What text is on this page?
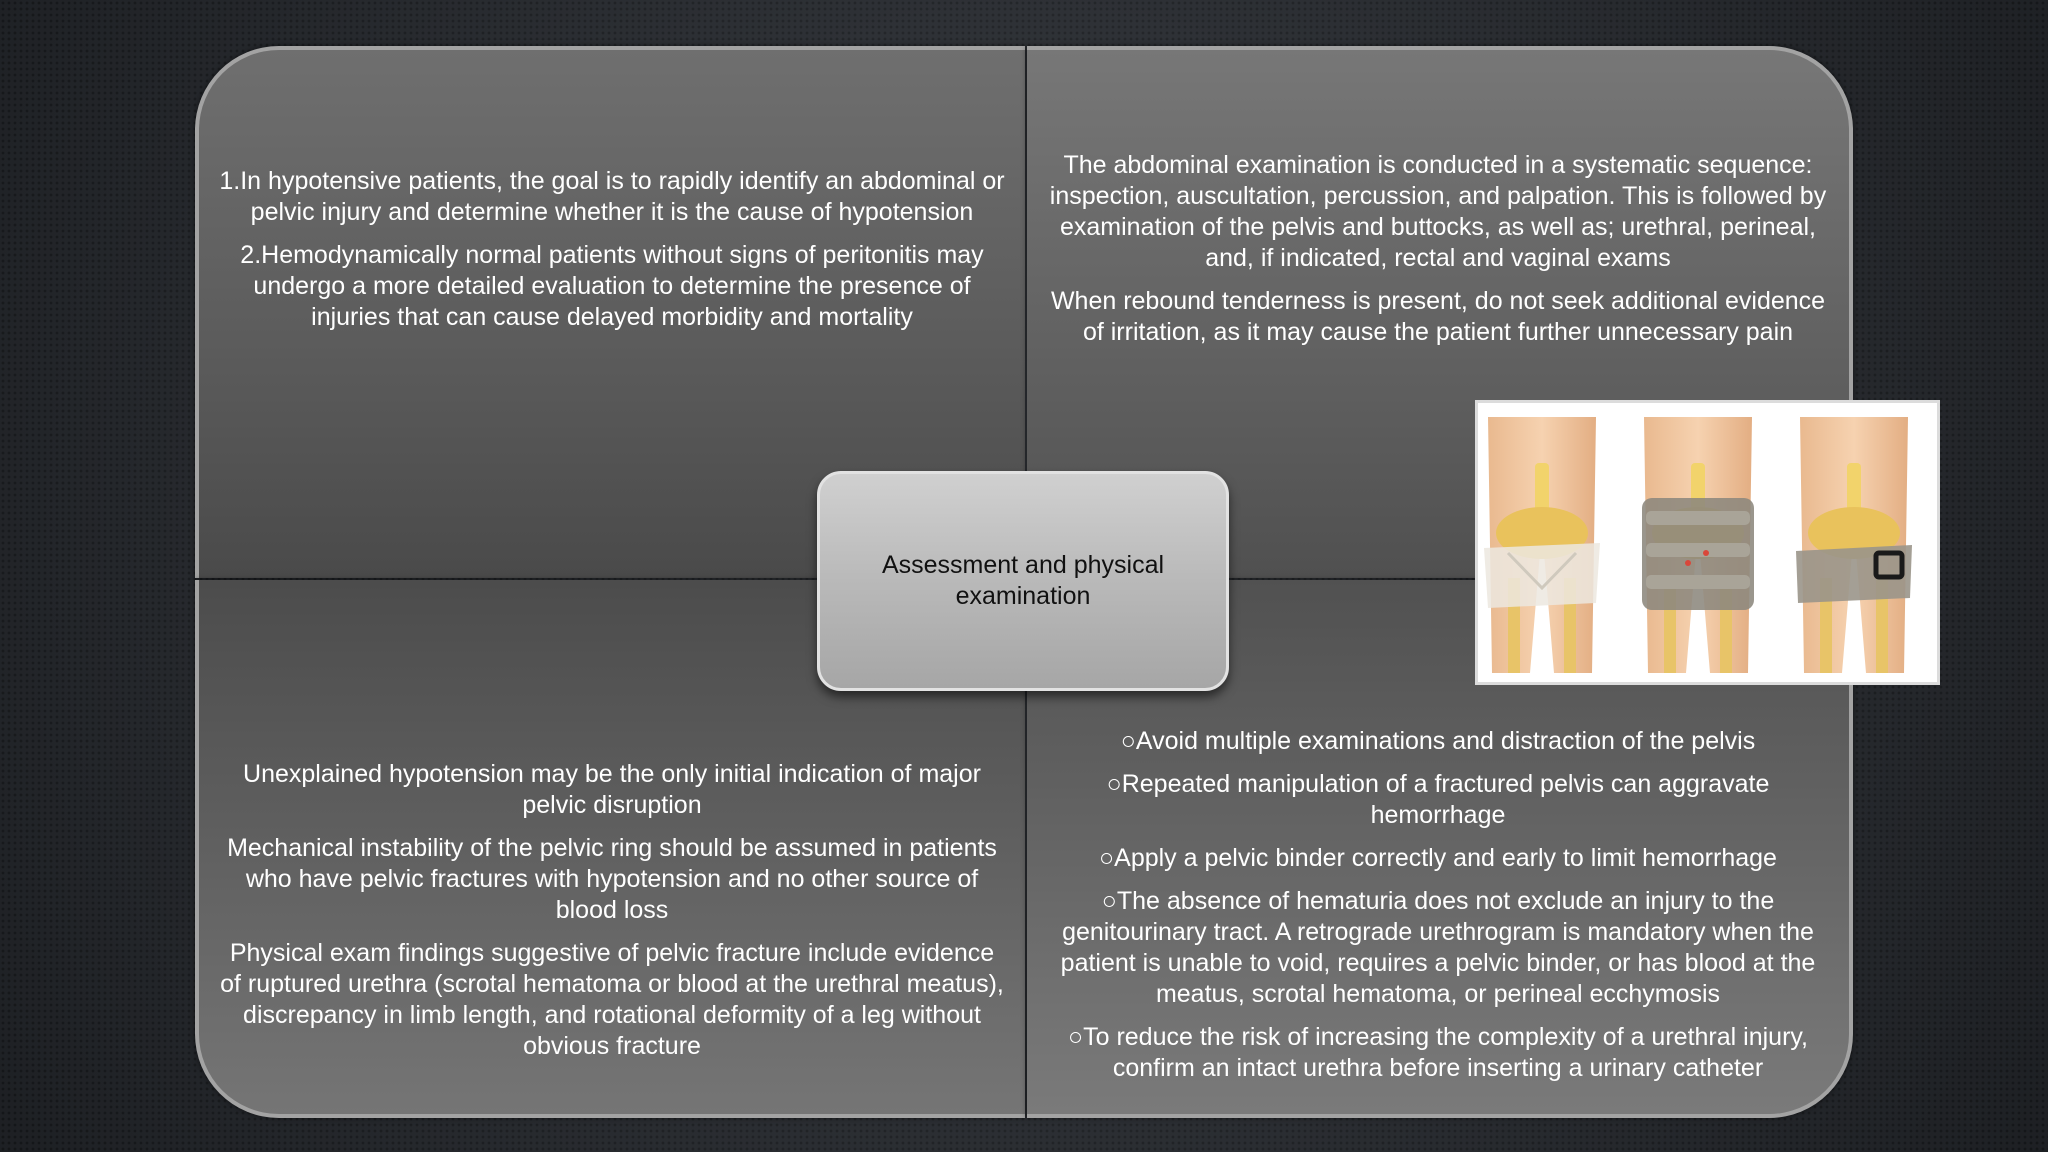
1.In hypotensive patients, the goal is to rapidly identify an abdominal or pelvic injury and determine whether it is the cause of hypotension

2.Hemodynamically normal patients without signs of peritonitis may undergo a more detailed evaluation to determine the presence of injuries that can cause delayed morbidity and mortality

The abdominal examination is conducted in a systematic sequence: inspection, auscultation, percussion, and palpation. This is followed by examination of the pelvis and buttocks, as well as; urethral, perineal, and, if indicated, rectal and vaginal exams

When rebound tenderness is present, do not seek additional evidence of irritation, as it may cause the patient further unnecessary pain

Unexplained hypotension may be the only initial indication of major pelvic disruption

Mechanical instability of the pelvic ring should be assumed in patients who have pelvic fractures with hypotension and no other source of blood loss

Physical exam findings suggestive of pelvic fracture include evidence of ruptured urethra (scrotal hematoma or blood at the urethral meatus), discrepancy in limb length, and rotational deformity of a leg without obvious fracture

○Avoid multiple examinations and distraction of the pelvis

○Repeated manipulation of a fractured pelvis can aggravate hemorrhage

○Apply a pelvic binder correctly and early to limit hemorrhage

○The absence of hematuria does not exclude an injury to the genitourinary tract. A retrograde urethrogram is mandatory when the patient is unable to void, requires a pelvic binder, or has blood at the meatus, scrotal hematoma, or perineal ecchymosis

○To reduce the risk of increasing the complexity of a urethral injury, confirm an intact urethra before inserting a urinary catheter

Assessment and physical examination
